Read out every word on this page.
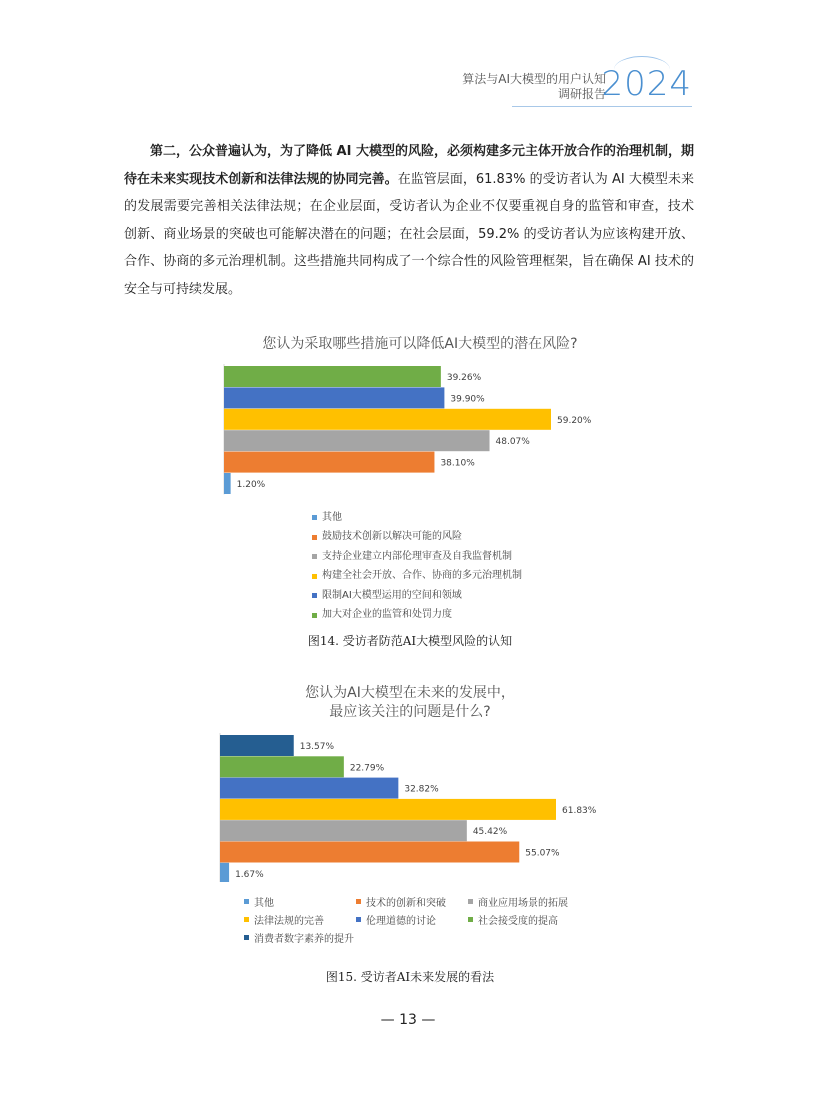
算法与AI大模型的用户认知
调研报告
2024

第二，公众普遍认为，为了降低 AI 大模型的风险，必须构建多元主体开放合作的治理机制，期待在未来实现技术创新和法律法规的协同完善。在监管层面，61.83% 的受访者认为 AI 大模型未来的发展需要完善相关法律法规；在企业层面，受访者认为企业不仅要重视自身的监管和审查，技术创新、商业场景的突破也可能解决潜在的问题；在社会层面，59.2% 的受访者认为应该构建开放、合作、协商的多元治理机制。这些措施共同构成了一个综合性的风险管理框架，旨在确保 AI 技术的安全与可持续发展。

您认为采取哪些措施可以降低AI大模型的潜在风险?
39.26%
39.90%
59.20%
48.07%
38.10%
1.20%
其他
鼓励技术创新以解决可能的风险
支持企业建立内部伦理审查及自我监督机制
构建全社会开放、合作、协商的多元治理机制
限制AI大模型运用的空间和领域
加大对企业的监管和处罚力度
图14. 受访者防范AI大模型风险的认知
您认为AI大模型在未来的发展中，
最应该关注的问题是什么?
13.57%
22.79%
32.82%
61.83%
45.42%
55.07%
1.67%
其他	技术的创新和突破	商业应用场景的拓展
法律法规的完善	伦理道德的讨论	社会接受度的提高
消费者数字素养的提升
图15. 受访者AI未来发展的看法
— 13 —
